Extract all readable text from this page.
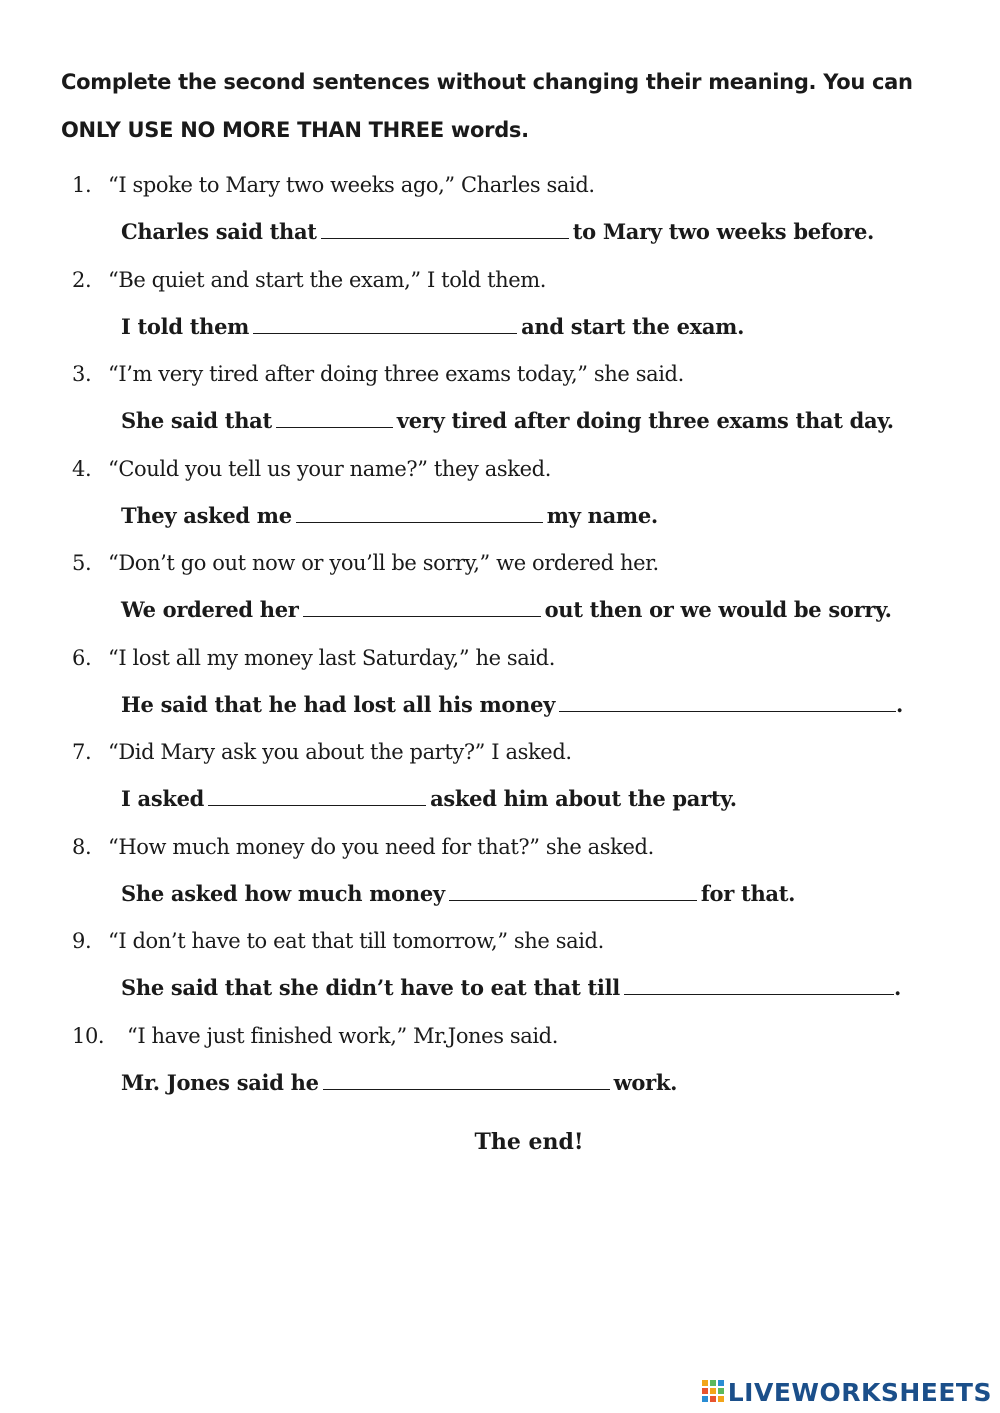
Complete the second sentences without changing their meaning. You can ONLY USE NO MORE THAN THREE words.

1. “I spoke to Mary two weeks ago,” Charles said.
Charles said that	to Mary two weeks before.
2. “Be quiet and start the exam,” I told them.
I told them	and start the exam.
3. “I’m very tired after doing three exams today,” she said.
She said that	very tired after doing three exams that day.
4. “Could you tell us your name?” they asked.
They asked me	my name.
5. “Don’t go out now or you’ll be sorry,” we ordered her.
We ordered her	out then or we would be sorry.
6. “I lost all my money last Saturday,” he said.
He said that he had lost all his money	.
7. “Did Mary ask you about the party?” I asked.
I asked	asked him about the party.
8. “How much money do you need for that?” she asked.
She asked how much money	for that.
9. “I don’t have to eat that till tomorrow,” she said.
She said that she didn’t have to eat that till	.
10. “I have just finished work,” Mr.Jones said.
Mr. Jones said he	work.
The end!
LIVEWORKSHEETS
